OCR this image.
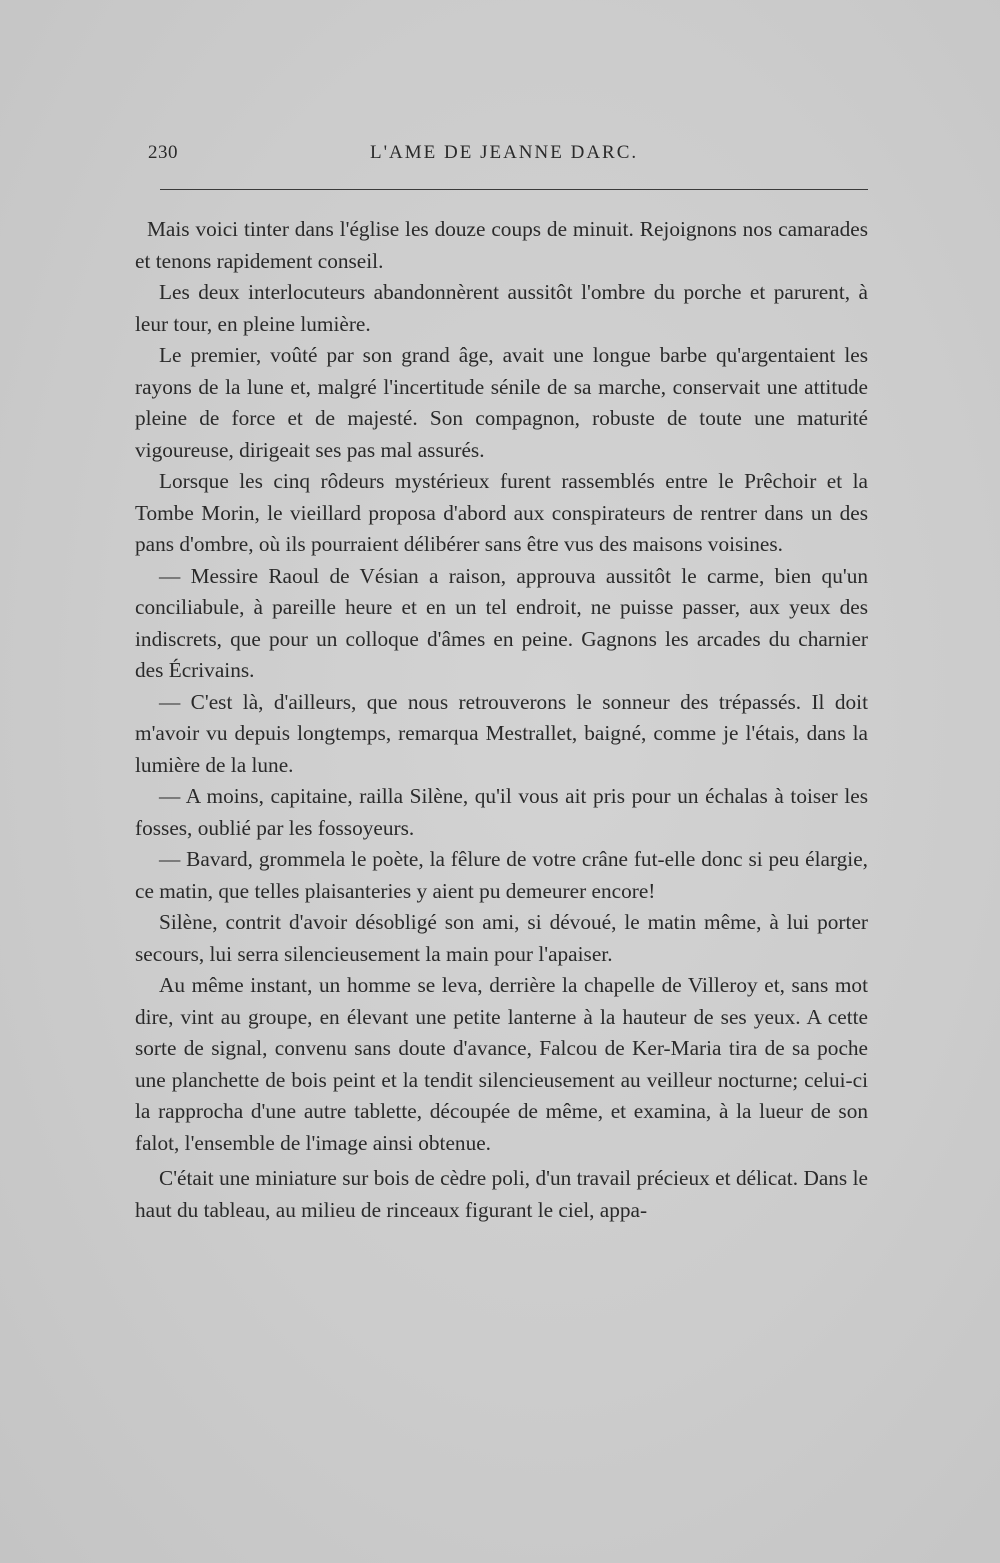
230	L'AME DE JEANNE DARC.

Mais voici tinter dans l'église les douze coups de minuit. Rejoignons nos camarades et tenons rapidement conseil.

Les deux interlocuteurs abandonnèrent aussitôt l'ombre du porche et parurent, à leur tour, en pleine lumière.

Le premier, voûté par son grand âge, avait une longue barbe qu'argentaient les rayons de la lune et, malgré l'incertitude sénile de sa marche, conservait une attitude pleine de force et de majesté. Son compagnon, robuste de toute une maturité vigoureuse, dirigeait ses pas mal assurés.

Lorsque les cinq rôdeurs mystérieux furent rassemblés entre le Prêchoir et la Tombe Morin, le vieillard proposa d'abord aux conspirateurs de rentrer dans un des pans d'ombre, où ils pourraient délibérer sans être vus des maisons voisines.

— Messire Raoul de Vésian a raison, approuva aussitôt le carme, bien qu'un conciliabule, à pareille heure et en un tel endroit, ne puisse passer, aux yeux des indiscrets, que pour un colloque d'âmes en peine. Gagnons les arcades du charnier des Écrivains.

— C'est là, d'ailleurs, que nous retrouverons le sonneur des trépassés. Il doit m'avoir vu depuis longtemps, remarqua Mestrallet, baigné, comme je l'étais, dans la lumière de la lune.

— A moins, capitaine, railla Silène, qu'il vous ait pris pour un échalas à toiser les fosses, oublié par les fossoyeurs.

— Bavard, grommela le poète, la fêlure de votre crâne fut-elle donc si peu élargie, ce matin, que telles plaisanteries y aient pu demeurer encore!

Silène, contrit d'avoir désobligé son ami, si dévoué, le matin même, à lui porter secours, lui serra silencieusement la main pour l'apaiser.

Au même instant, un homme se leva, derrière la chapelle de Villeroy et, sans mot dire, vint au groupe, en élevant une petite lanterne à la hauteur de ses yeux. A cette sorte de signal, convenu sans doute d'avance, Falcou de Ker-Maria tira de sa poche une planchette de bois peint et la tendit silencieusement au veilleur nocturne; celui-ci la rapprocha d'une autre tablette, découpée de même, et examina, à la lueur de son falot, l'ensemble de l'image ainsi obtenue.

C'était une miniature sur bois de cèdre poli, d'un travail précieux et délicat. Dans le haut du tableau, au milieu de rinceaux figurant le ciel, appa-
